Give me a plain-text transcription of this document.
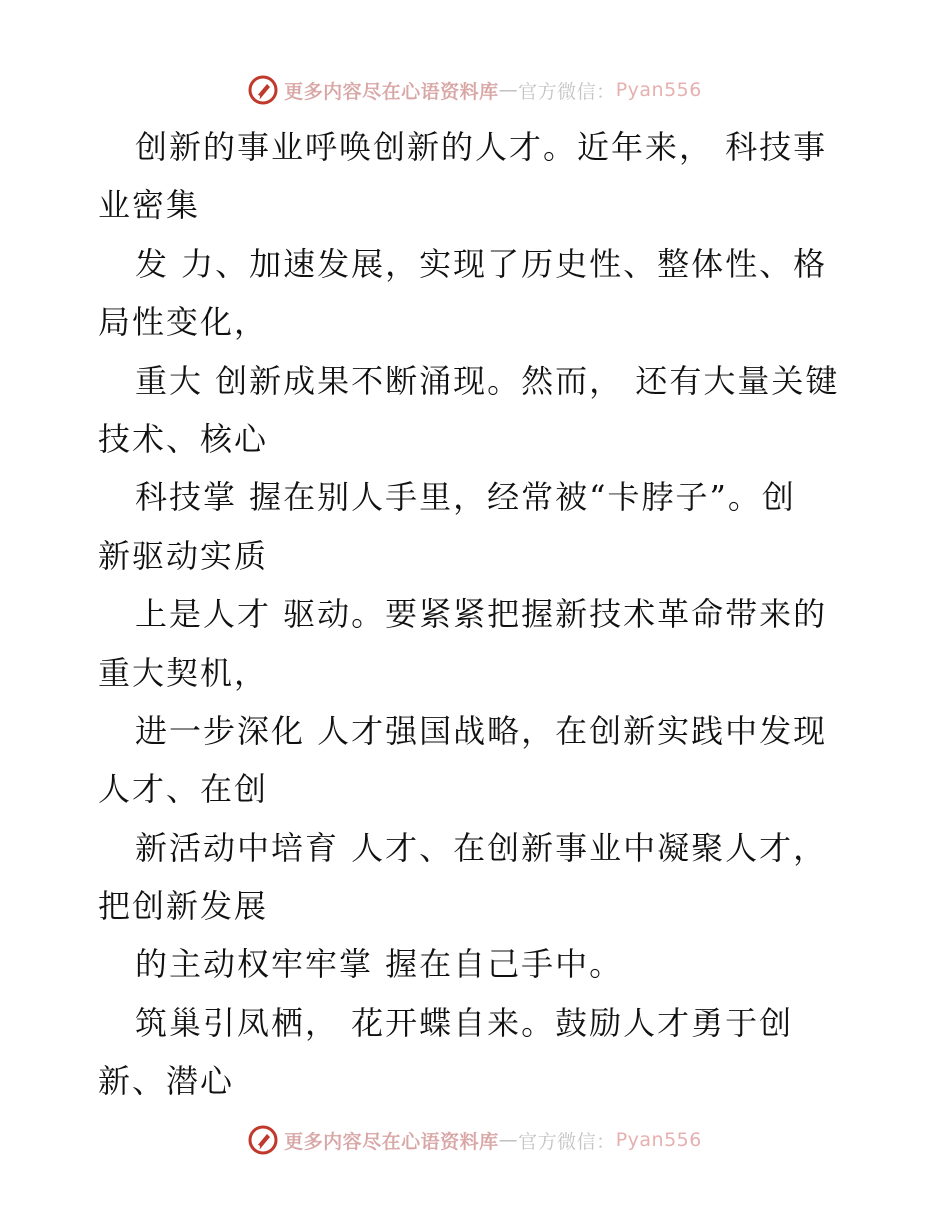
更多内容尽在心语资料库 — 官方微信： Pyan556
创新的事业呼唤创新的人才。近年来， 科技事
业密集
发 力、加速发展，实现了历史性、整体性、格
局性变化，
重大 创新成果不断涌现。然而， 还有大量关键
技术、核心
科技掌 握在别人手里，经常被“卡脖子”。创
新驱动实质
上是人才 驱动。要紧紧把握新技术革命带来的
重大契机，
进一步深化 人才强国战略，在创新实践中发现
人才、在创
新活动中培育 人才、在创新事业中凝聚人才，
把创新发展
的主动权牢牢掌 握在自己手中。
筑巢引凤栖， 花开蝶自来。鼓励人才勇于创
新、潜心
更多内容尽在心语资料库 — 官方微信： Pyan556
